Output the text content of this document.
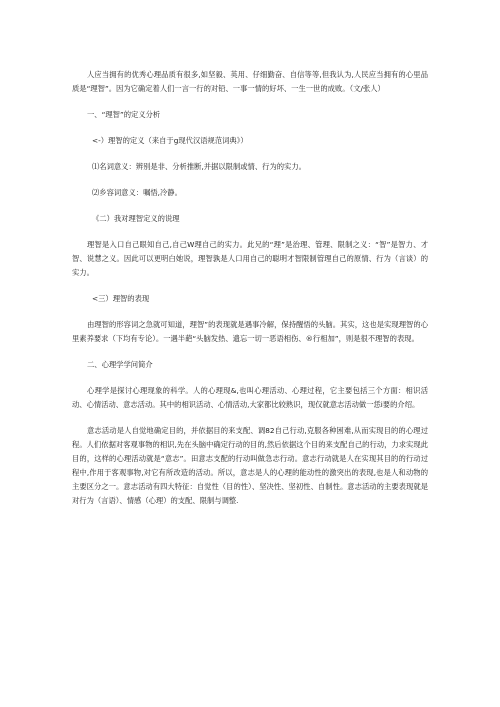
人应当拥有的优秀心理品质有很多,如坚毅、英用、仔细勤奋、自信等等,但我认为,人民应当拥有的心里品质是“理智”。因为它确定着人们一言一行的对铅、一事一情的好坏、一生一世的成败。（文/张人）

一、“理智”的定义分析
<-）理智的定义（来自于g现代汉语规范词典》）
⑴名词意义：辨别是非、分析推断,并据以限制或情、行为的实力。
⑵乡容词意义：嘱悟,冷静。
《二）我对理智定义的说理

理智是入口自己眼知自己,自己W理自己的实力。此兄的“理”是治理、管理、限制之义：“智”是智力、才智、说慧之义。因此可以更明白她说，理智孰是人口用自己的聪明才智限制管理自己的原情、行为（言谈）的实力。

<三）理智的表现

由理智的形容词之急就可知道，理智”的表现就是遇事冷解，保持醒悟的头脑。其实，这也是实现理智的心里素养要求（下均有专论）。一遇半葩“头脑发热、遗忘一切一恶语相伤、®行相加”，则是很不理智的表现。

二、心理学学问简介

心理学是探讨心理现象的科学。人的心理现&,也叫心理活动、心理过程，它主要包括三个方面：相识活动、心情活动、意志活动。其中的相识活动、心情活动,大家都比较熟识，现仅就意志活动做一恁i要的介绍。

意志活动是人自觉地确定目的，并依据目的来支配、调82自己行动,克服各种困难,从而实现目的的心理过程。人们依据对客观事物的相识,先在头脑中确定行动的目的,然后依据这个目的来支配自己的行动，力求实现此目的，这样的心理活动就是“意志”。田意志支配的行动叫做急志行动。意志行动就是人在实现其目的的行动过程中,作用于客观事物,对它有所改造的活动。所以，意志是人的心理的能动性的激突出的表现,也是人和动物的主要区分之一。意志活动有四大特征：自觉性（目的性）、坚决性、坚初性、自制性。意志活动的主要表现就是对行为（言语）、情感（心理）的支配、限制与调整.
